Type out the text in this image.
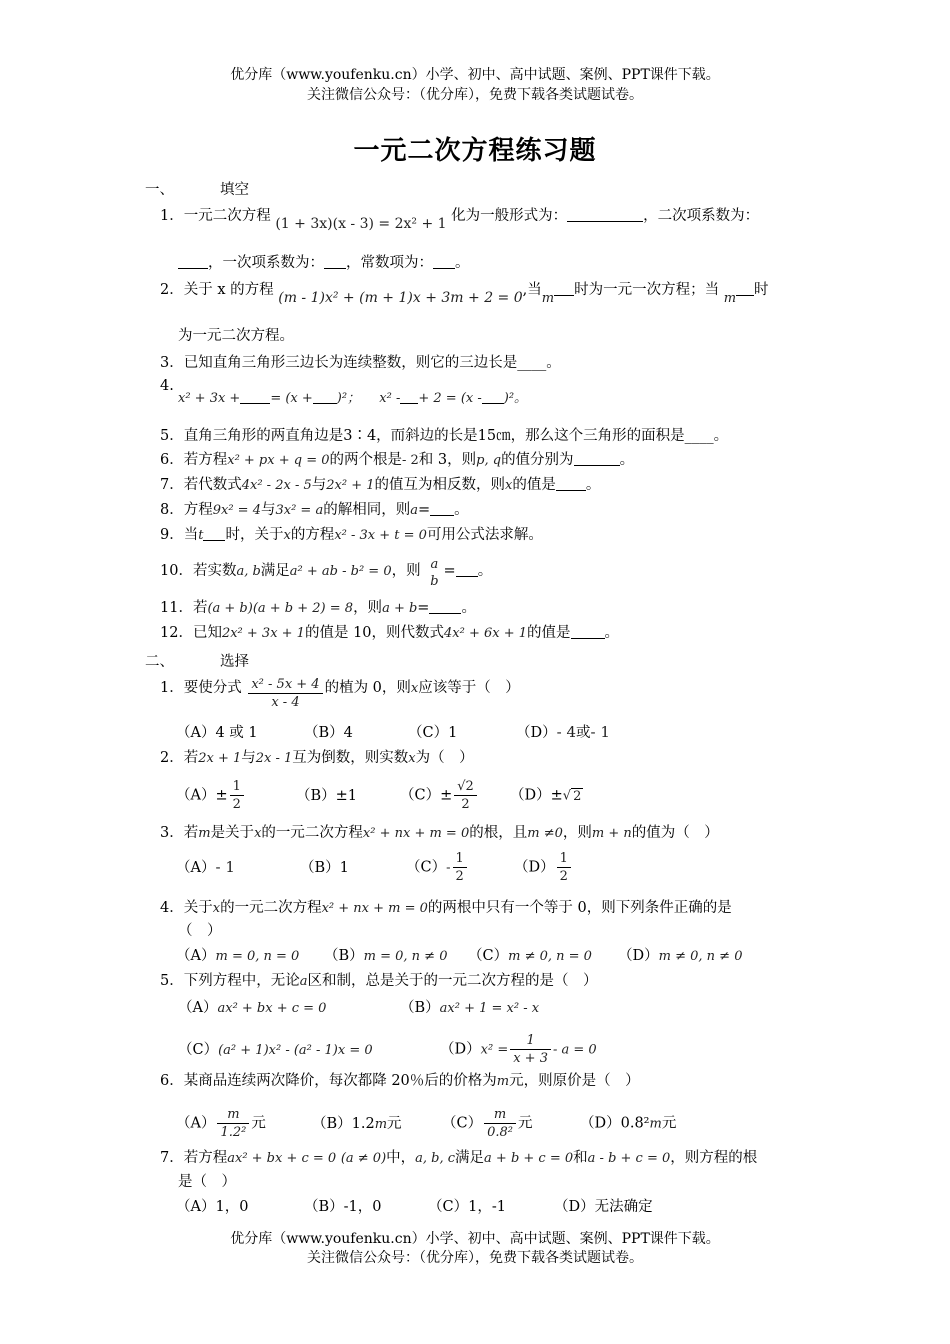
优分库（www.youfenku.cn）小学、初中、高中试题、案例、PPT课件下载。
关注微信公众号：（优分库），免费下载各类试题试卷。
一元二次方程练习题
一、	填空
1．一元二次方程 (1 + 3x)(x - 3) = 2x² + 1 化为一般形式为：	，二次项系数为：
，一次项系数为： ，常数项为： 。
2．关于 x 的方程 (m - 1)x² + (m + 1)x + 3m + 2 = 0,当m时为一元一次方程；当 m时
为一元二次方程。
3．已知直角三角形三边长为连续整数，则它的三边长是____。
4.
x² + 3x + = (x + )²； x² - + 2 = (x - )²。
5．直角三角形的两直角边是3∶4，而斜边的长是15㎝，那么这个三角形的面积是____。
6．若方程x² + px + q = 0的两个根是- 2和 3，则p, q的值分别为	。
7．若代数式4x² - 2x - 5与2x² + 1的值互为相反数，则x的值是 。
8．方程9x² = 4与3x² = a的解相同，则a= 。
9．当t 时，关于x的方程x² - 3x + t = 0可用公式法求解。
10．若实数a, b满足a² + ab - b² = 0，则 a
b
= 。
11．若(a + b)(a + b + 2) = 8，则a + b= 。
12．已知2x² + 3x + 1的值是 10，则代数式4x² + 6x + 1的值是 。
二、	选择
1．要使分式 $\frac{\text{x² - 5x + 4}}{x - 4}$ 的植为 0，则x应该等于（　）
（A）4 或 1	（B）4	（C）1	（D）- 4或- 1
2．若2x + 1与2x - 1互为倒数，则实数x为（　）
$(A)\pm \frac{1}{2}$	（B）±1	$(C)\pm \frac{√2}{2} (D)\pm√$ 2
3．若m是关于x的一元二次方程x² + nx + m = 0的根，且m ≠0，则m + n的值为（　）
（A）- 1	（B）1	$(C)- \frac{1}{2}$	$(D) \frac{1}{2}$
4．关于x的一元二次方程x² + nx + m = 0的两根中只有一个等于 0，则下列条件正确的是
（　）
（A）m = 0, n = 0 （B）m = 0, n ≠ 0 （C）m ≠ 0, n = 0 （D）m ≠ 0, n ≠ 0
5．下列方程中，无论a区和制，总是关于的一元二次方程的是（　）
（A）ax² + bx + c = 0	（B）ax² + 1 = x² - x
（C）(a² + 1)x² - (a² - 1)x = 0	$(D)x^2 = \frac{1}{x + 3} - a = 0$
6．某商品连续两次降价，每次都降 20％后的价格为m元，则原价是（　）
$(A) \frac{m}{\text{1.2²}}$ 元	（B）1.2m元	$(C) \frac{m}{\text{0.8²}}$ 元	（D）0.8²m元
7．若方程ax² + bx + c = 0 (a ≠ 0)中，a, b, c满足a + b + c = 0和a - b + c = 0，则方程的根
是（　）
（A）1，0	（B）-1，0	（C）1，-1	（D）无法确定
优分库（www.youfenku.cn）小学、初中、高中试题、案例、PPT课件下载。
关注微信公众号：（优分库），免费下载各类试题试卷。
